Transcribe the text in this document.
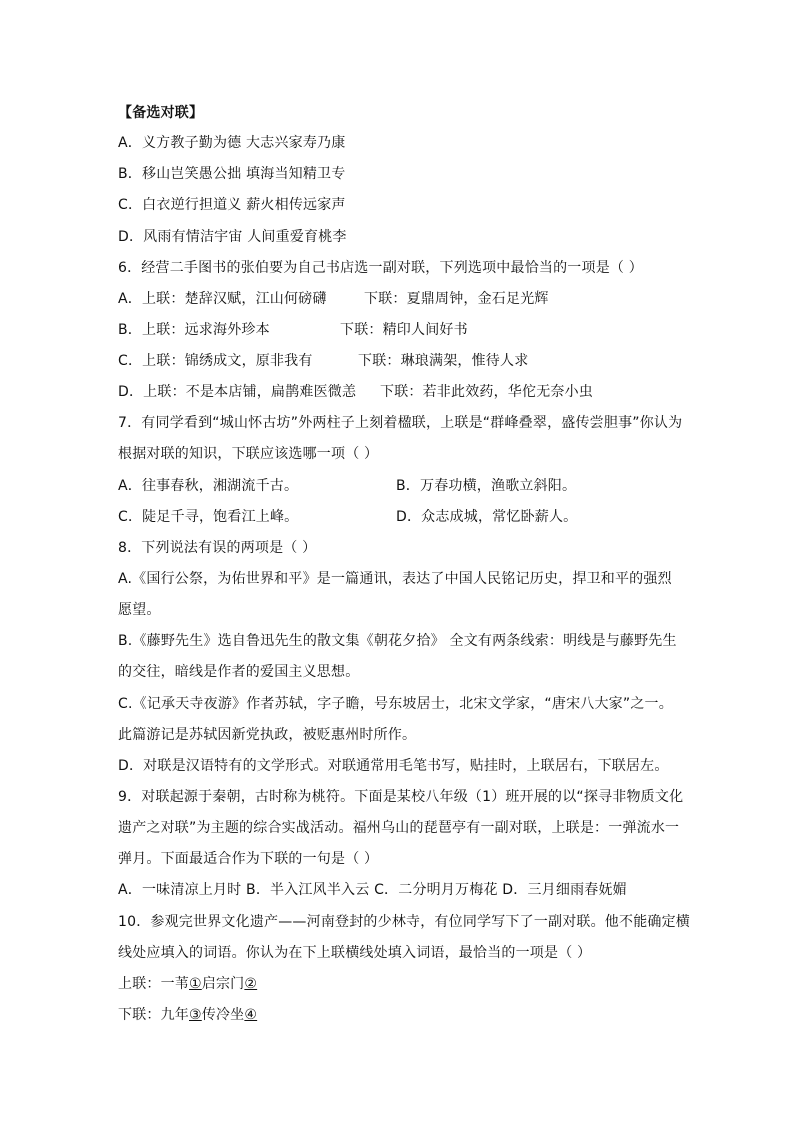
【备选对联】
A．义方教子勤为德 大志兴家寿乃康
B．移山岂笑愚公拙 填海当知精卫专
C．白衣逆行担道义 薪火相传远家声
D．风雨有情洁宇宙 人间重爱育桃李
6．经营二手图书的张伯要为自己书店选一副对联，下列选项中最恰当的一项是（ ）
A．上联：楚辞汉赋，江山何磅礴	下联：夏鼎周钟，金石足光辉
B．上联：远求海外珍本	下联：精印人间好书
C．上联：锦绣成文，原非我有	下联：琳琅满架，惟待人求
D．上联：不是本店铺，扁鹊难医微恙 下联：若非此效药，华佗无奈小虫
7．有同学看到“城山怀古坊”外两柱子上刻着楹联，上联是“群峰叠翠，盛传尝胆事”你认为
根据对联的知识，下联应该选哪一项（ ）
A．往事春秋，湘湖流千古。	B．万春功横，渔歌立斜阳。
C．陡足千寻，饱看江上峰。	D．众志成城，常忆卧薪人。
8．下列说法有误的两项是（ ）
A.《国行公祭，为佑世界和平》是一篇通讯，表达了中国人民铭记历史，捍卫和平的强烈
愿望。
B.《藤野先生》选自鲁迅先生的散文集《朝花夕拾》 全文有两条线索：明线是与藤野先生
的交往，暗线是作者的爱国主义思想。
C.《记承天寺夜游》作者苏轼，字子瞻，号东坡居士，北宋文学家，“唐宋八大家”之一。
此篇游记是苏轼因新党执政，被贬惠州时所作。
D．对联是汉语特有的文学形式。对联通常用毛笔书写，贴挂时，上联居右，下联居左。
9．对联起源于秦朝，古时称为桃符。下面是某校八年级（1）班开展的以“探寻非物质文化
遗产之对联”为主题的综合实战活动。福州乌山的琵琶亭有一副对联，上联是：一弹流水一
弹月。下面最适合作为下联的一句是（ ）
A．一味清凉上月时 B．半入江风半入云 C．二分明月万梅花 D．三月细雨春妩媚
10．参观完世界文化遗产——河南登封的少林寺，有位同学写下了一副对联。他不能确定横
线处应填入的词语。你认为在下上联横线处填入词语，最恰当的一项是（ ）
上联：一苇①启宗门②
下联：九年③传冷坐④
